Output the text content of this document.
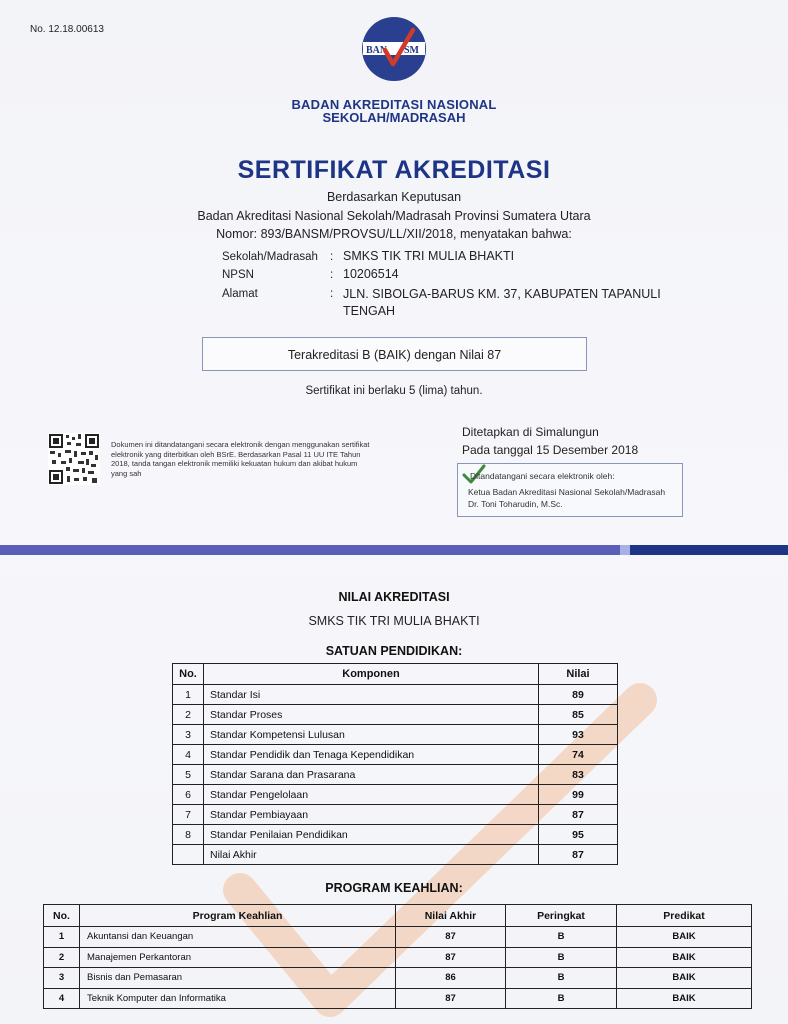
No. 12.18.00613
BAN SM
BADAN AKREDITASI NASIONAL
SEKOLAH/MADRASAH
SERTIFIKAT AKREDITASI
Berdasarkan Keputusan
Badan Akreditasi Nasional Sekolah/Madrasah Provinsi Sumatera Utara
Nomor: 893/BANSM/PROVSU/LL/XII/2018, menyatakan bahwa:
Sekolah/Madrasah : SMKS TIK TRI MULIA BHAKTI
NPSN	: 10206514
Alamat	: JLN. SIBOLGA-BARUS KM. 37, KABUPATEN TAPANULI TENGAH
Terakreditasi B (BAIK) dengan Nilai 87
Sertifikat ini berlaku 5 (lima) tahun.
Dokumen ini ditandatangani secara elektronik dengan menggunakan sertifikat elektronik yang diterbitkan oleh BSrE. Berdasarkan Pasal 11 UU ITE Tahun 2018, tanda tangan elektronik memiliki kekuatan hukum dan akibat hukum yang sah
Ditetapkan di Simalungun
Pada tanggal 15 Desember 2018
Ditandatangani secara elektronik oleh:
Ketua Badan Akreditasi Nasional Sekolah/Madrasah
Dr. Toni Toharudin, M.Sc.
NILAI AKREDITASI
SMKS TIK TRI MULIA BHAKTI
SATUAN PENDIDIKAN:
No.	Komponen	Nilai
1	Standar Isi	89
2	Standar Proses	85
3	Standar Kompetensi Lulusan	93
4	Standar Pendidik dan Tenaga Kependidikan	74
5	Standar Sarana dan Prasarana	83
6	Standar Pengelolaan	99
7	Standar Pembiayaan	87
8	Standar Penilaian Pendidikan	95
	Nilai Akhir	87
PROGRAM KEAHLIAN:
No.	Program Keahlian	Nilai Akhir	Peringkat	Predikat
1	Akuntansi dan Keuangan	87	B	BAIK
2	Manajemen Perkantoran	87	B	BAIK
3	Bisnis dan Pemasaran	86	B	BAIK
4	Teknik Komputer dan Informatika	87	B	BAIK
